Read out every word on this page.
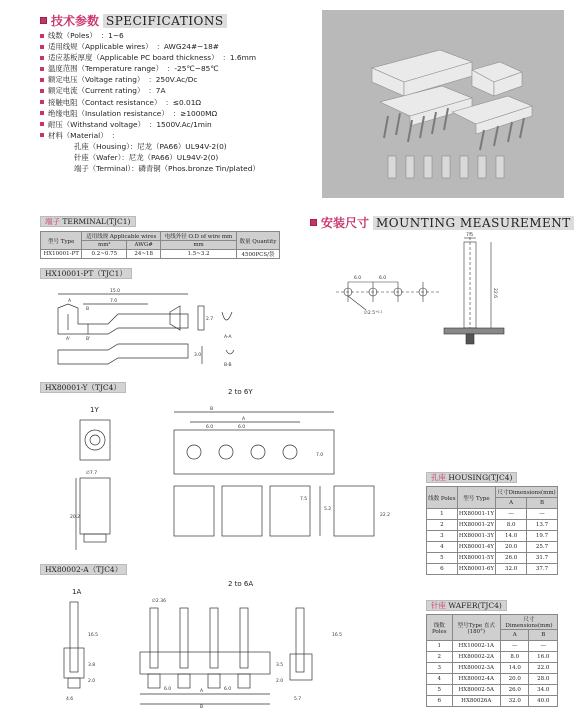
技术参数 SPECIFICATIONS
线数（Poles） ：1~6
适用线规（Applicable wires） ：AWG24#~18#
适应基板厚度（Applicable PC board thickness） ：1.6mm
温度范围（Temperature range） ：-25℃~85℃
额定电压（Voltage rating） ：250V.Ac/Dc
额定电流（Current rating） ：7A
接触电阻（Contact resistance） ：≤0.01Ω
绝缘电阻（Insulation resistance） ：≥1000MΩ
耐压（Withstand voltage） ：1500V.Ac/1min
材料（Material） ：
孔座（Housing）：尼龙（PA66）UL94V-2(0)
针座（Wafer）：尼龙（PA66）UL94V-2(0)
端子（Terminal）：磷青铜（Phos.bronze Tin/plated）
端子 TERMINAL(TJC1)
型号 Type	适用线规 Applicable wires		电线外径 O.D of wire mm	数量 Quantity
	mm²	AWG#	mm	
HX10001-PT	0.2~0.75	24~18	1.5~3.2	4500PCS/袋
安装尺寸 MOUNTING MEASUREMENT
6.0	6.0
∅2.5⁺⁰·¹
7.5
22.6
HX10001-PT（TJC1）
15.0
7.0
A
B
A'	B'	A-A
B-B
2.7
3.0
HX80001-Y（TJC4）
1Y
2 to 6Y
B
A
6.0	6.0
7.0
∅7.7
7.5
5.2
20.2	22.2
HX80002-A（TJC4）
1A
2 to 6A
∅2.36
6.0	6.0
A
B
4.6	5.7
16.5	16.5
3.8
2.0
3.5
2.0
孔座 HOUSING(TJC4)
线数 Poles	型号 Type	尺寸Dimensions(mm)	
		A	B
1	HX80001-1Y	—	—
2	HX80001-2Y	8.0	13.7
3	HX80001-3Y	14.0	19.7
4	HX80001-4Y	20.0	25.7
5	HX80001-5Y	26.0	31.7
6	HX80001-6Y	32.0	37.7
针座 WAFER(TJC4)
线数 Poles	型号Type 直式(180°)	尺寸Dimensions(mm)	
		A	B
1	HX10002-1A	—	—
2	HX80002-2A	8.0	16.0
3	HX80002-3A	14.0	22.0
4	HX80002-4A	20.0	28.0
5	HX80002-5A	26.0	34.0
6	HX80026A	32.0	40.0
